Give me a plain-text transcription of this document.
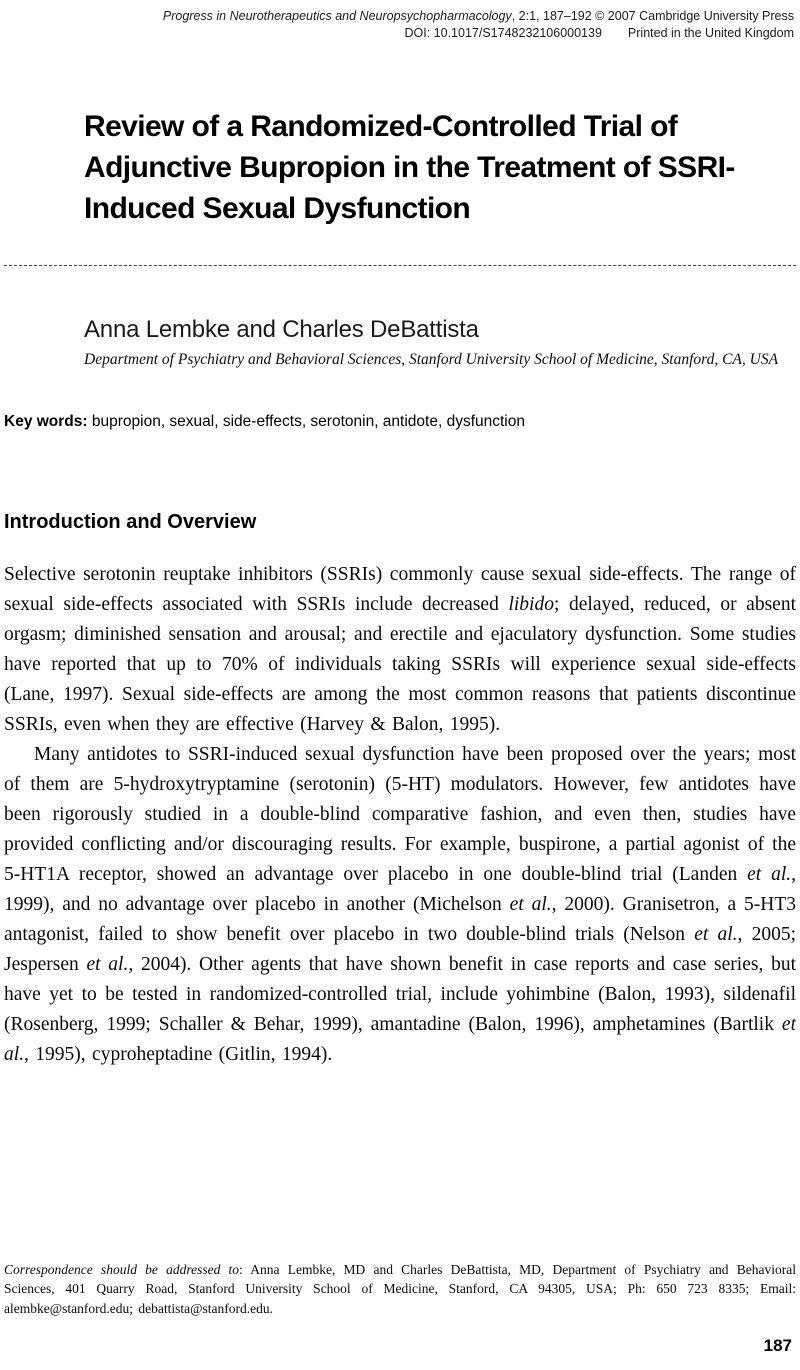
Progress in Neurotherapeutics and Neuropsychopharmacology, 2:1, 187–192 © 2007 Cambridge University Press
DOI: 10.1017/S1748232106000139 Printed in the United Kingdom
Review of a Randomized-Controlled Trial of Adjunctive Bupropion in the Treatment of SSRI-Induced Sexual Dysfunction
Anna Lembke and Charles DeBattista
Department of Psychiatry and Behavioral Sciences, Stanford University School of Medicine, Stanford, CA, USA
Key words: bupropion, sexual, side-effects, serotonin, antidote, dysfunction
Introduction and Overview

Selective serotonin reuptake inhibitors (SSRIs) commonly cause sexual side-effects. The range of sexual side-effects associated with SSRIs include decreased libido; delayed, reduced, or absent orgasm; diminished sensation and arousal; and erectile and ejaculatory dysfunction. Some studies have reported that up to 70% of individuals taking SSRIs will experience sexual side-effects (Lane, 1997). Sexual side-effects are among the most common reasons that patients discontinue SSRIs, even when they are effective (Harvey & Balon, 1995).

Many antidotes to SSRI-induced sexual dysfunction have been proposed over the years; most of them are 5-hydroxytryptamine (serotonin) (5-HT) modulators. However, few antidotes have been rigorously studied in a double-blind comparative fashion, and even then, studies have provided conflicting and/or discouraging results. For example, buspirone, a partial agonist of the 5-HT1A receptor, showed an advantage over placebo in one double-blind trial (Landen et al., 1999), and no advantage over placebo in another (Michelson et al., 2000). Granisetron, a 5-HT3 antagonist, failed to show benefit over placebo in two double-blind trials (Nelson et al., 2005; Jespersen et al., 2004). Other agents that have shown benefit in case reports and case series, but have yet to be tested in randomized-controlled trial, include yohimbine (Balon, 1993), sildenafil (Rosenberg, 1999; Schaller & Behar, 1999), amantadine (Balon, 1996), amphetamines (Bartlik et al., 1995), cyproheptadine (Gitlin, 1994).

Correspondence should be addressed to: Anna Lembke, MD and Charles DeBattista, MD, Department of Psychiatry and Behavioral Sciences, 401 Quarry Road, Stanford University School of Medicine, Stanford, CA 94305, USA; Ph: 650 723 8335; Email: alembke@stanford.edu; debattista@stanford.edu.
187
